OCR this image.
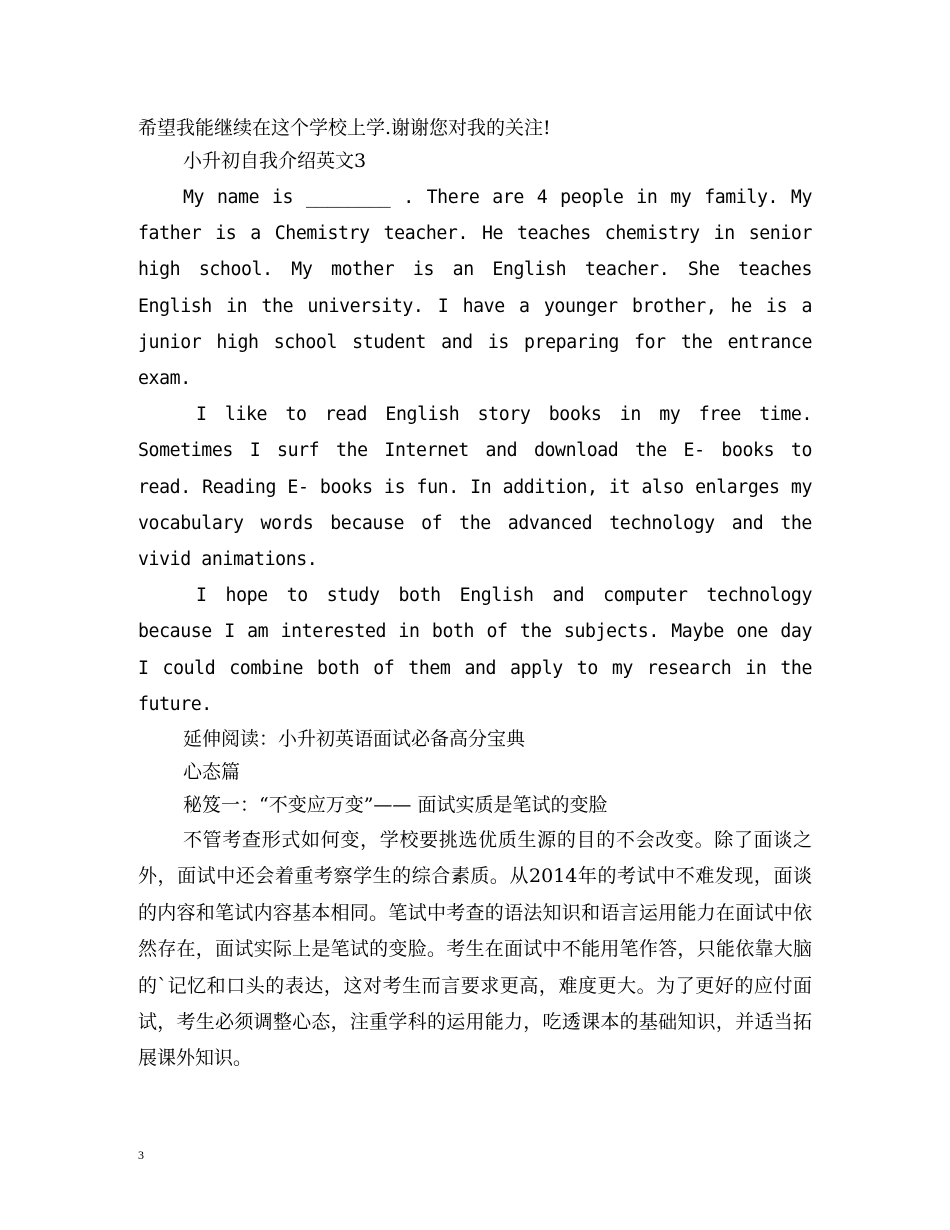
希望我能继续在这个学校上学.谢谢您对我的关注!

小升初自我介绍英文3

My name is ________ . There are 4 people in my family. My father is a Chemistry teacher. He teaches chemistry in senior high school. My mother is an English teacher. She teaches English in the university. I have a younger brother, he is a junior high school student and is preparing for the entrance exam.

I like to read English story books in my free time. Sometimes I surf the Internet and download the E- books to read. Reading E- books is fun. In addition, it also enlarges my vocabulary words because of the advanced technology and the vivid animations.

I hope to study both English and computer technology because I am interested in both of the subjects. Maybe one day I could combine both of them and apply to my research in the future.

延伸阅读：小升初英语面试必备高分宝典

心态篇

秘笈一：“不变应万变”—— 面试实质是笔试的变脸

不管考查形式如何变，学校要挑选优质生源的目的不会改变。除了面谈之外，面试中还会着重考察学生的综合素质。从2014年的考试中不难发现，面谈的内容和笔试内容基本相同。笔试中考查的语法知识和语言运用能力在面试中依然存在，面试实际上是笔试的变脸。考生在面试中不能用笔作答，只能依靠大脑的`记忆和口头的表达，这对考生而言要求更高，难度更大。为了更好的应付面试，考生必须调整心态，注重学科的运用能力，吃透课本的基础知识，并适当拓展课外知识。

3
